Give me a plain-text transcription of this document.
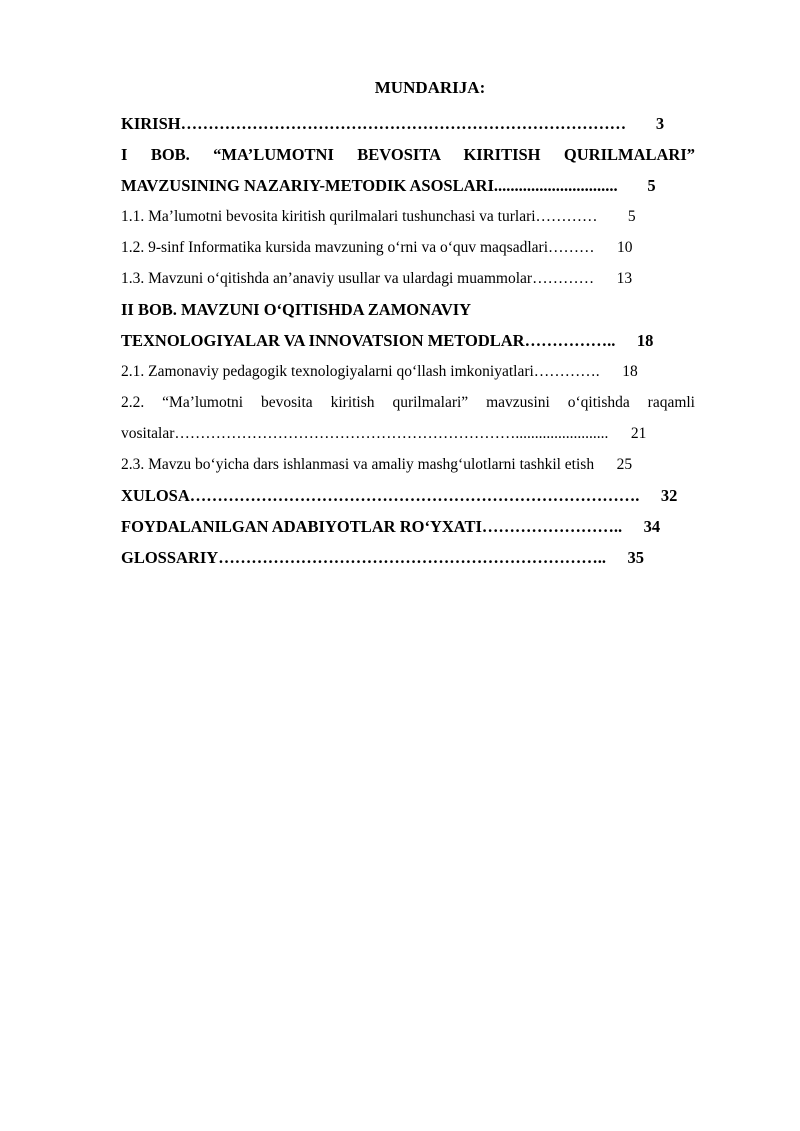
MUNDARIJA:
KIRISH………………………………………………………………………	3
I BOB. “MA’LUMOTNI BEVOSITA KIRITISH QURILMALARI”
MAVZUSINING NAZARIY-METODIK ASOSLARI..............................	5
1.1. Ma’lumotni bevosita kiritish qurilmalari tushunchasi va turlari…………	5
1.2. 9-sinf Informatika kursida mavzuning oʻrni va oʻquv maqsadlari………	10
1.3. Mavzuni oʻqitishda an’anaviy usullar va ulardagi muammolar…………	13
II BOB. MAVZUNI OʻQITISHDA ZAMONAVIY
TEXNOLOGIYALAR VA INNOVATSION METODLAR……………..	18
2.1. Zamonaviy pedagogik texnologiyalarni qoʻllash imkoniyatlari………….	18
2.2. “Ma’lumotni bevosita kiritish qurilmalari” mavzusini oʻqitishda raqamli
vositalar…………………………………………………………........................	21
2.3. Mavzu boʻyicha dars ishlanmasi va amaliy mashgʻulotlarni tashkil etish	25
XULOSA……………………………………………………………………….	32
FOYDALANILGAN ADABIYOTLAR ROʻYXATI……………………..	34
GLOSSARIY……………………………………………………………..	35
